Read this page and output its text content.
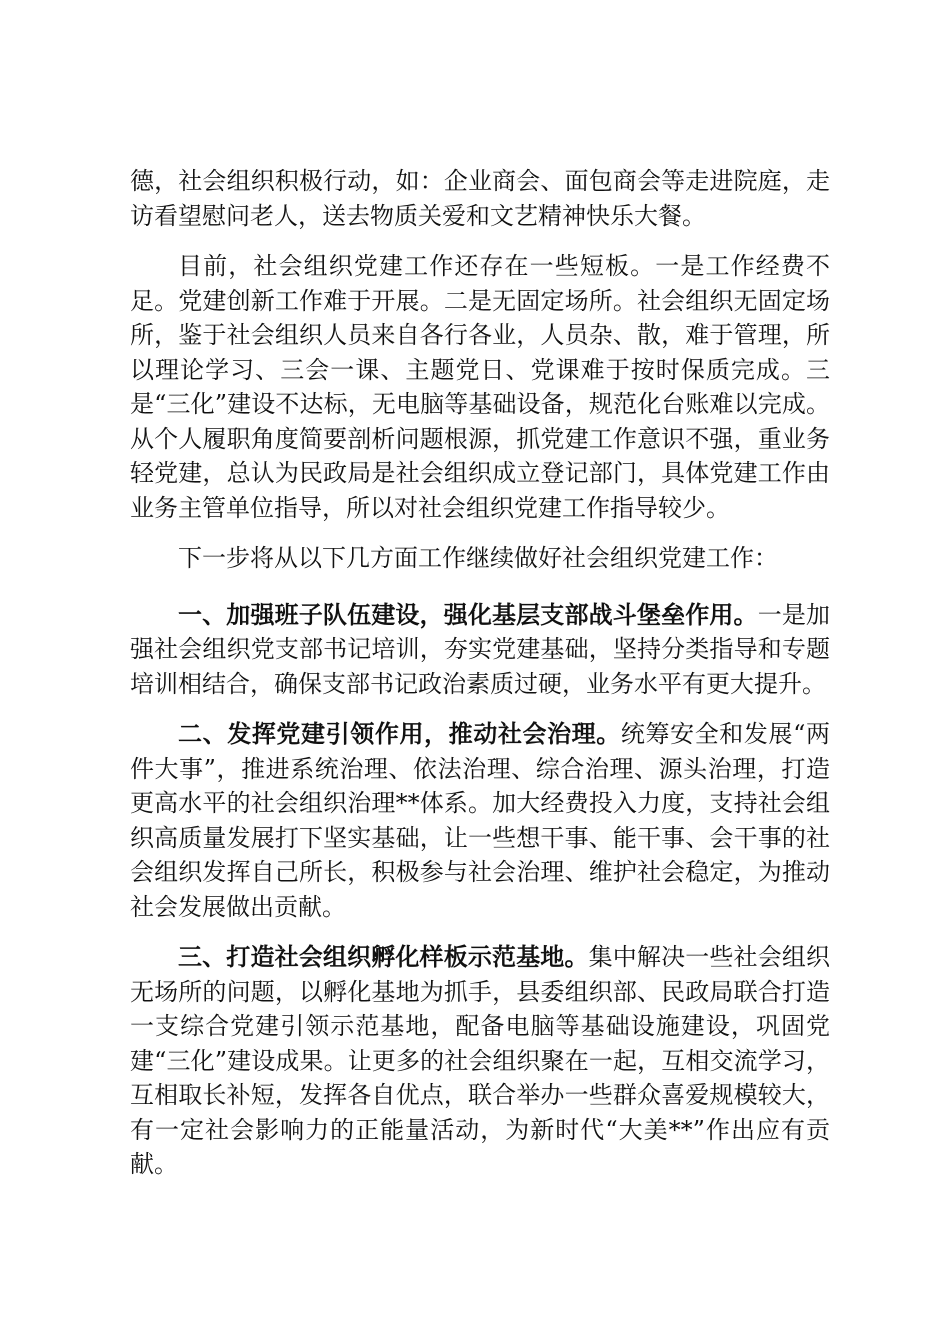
德，社会组织积极行动，如：企业商会、面包商会等走进院庭，走访看望慰问老人，送去物质关爱和文艺精神快乐大餐。

目前，社会组织党建工作还存在一些短板。一是工作经费不足。党建创新工作难于开展。二是无固定场所。社会组织无固定场所，鉴于社会组织人员来自各行各业，人员杂、散，难于管理，所以理论学习、三会一课、主题党日、党课难于按时保质完成。三是“三化”建设不达标，无电脑等基础设备，规范化台账难以完成。从个人履职角度简要剖析问题根源，抓党建工作意识不强，重业务轻党建，总认为民政局是社会组织成立登记部门，具体党建工作由业务主管单位指导，所以对社会组织党建工作指导较少。

下一步将从以下几方面工作继续做好社会组织党建工作：

一、加强班子队伍建设，强化基层支部战斗堡垒作用。一是加强社会组织党支部书记培训，夯实党建基础，坚持分类指导和专题培训相结合，确保支部书记政治素质过硬，业务水平有更大提升。

二、发挥党建引领作用，推动社会治理。统筹安全和发展“两件大事”，推进系统治理、依法治理、综合治理、源头治理，打造更高水平的社会组织治理**体系。加大经费投入力度，支持社会组织高质量发展打下坚实基础，让一些想干事、能干事、会干事的社会组织发挥自己所长，积极参与社会治理、维护社会稳定，为推动社会发展做出贡献。

三、打造社会组织孵化样板示范基地。集中解决一些社会组织无场所的问题，以孵化基地为抓手，县委组织部、民政局联合打造一支综合党建引领示范基地，配备电脑等基础设施建设，巩固党建“三化”建设成果。让更多的社会组织聚在一起，互相交流学习，互相取长补短，发挥各自优点，联合举办一些群众喜爱规模较大，有一定社会影响力的正能量活动，为新时代“大美**”作出应有贡献。
